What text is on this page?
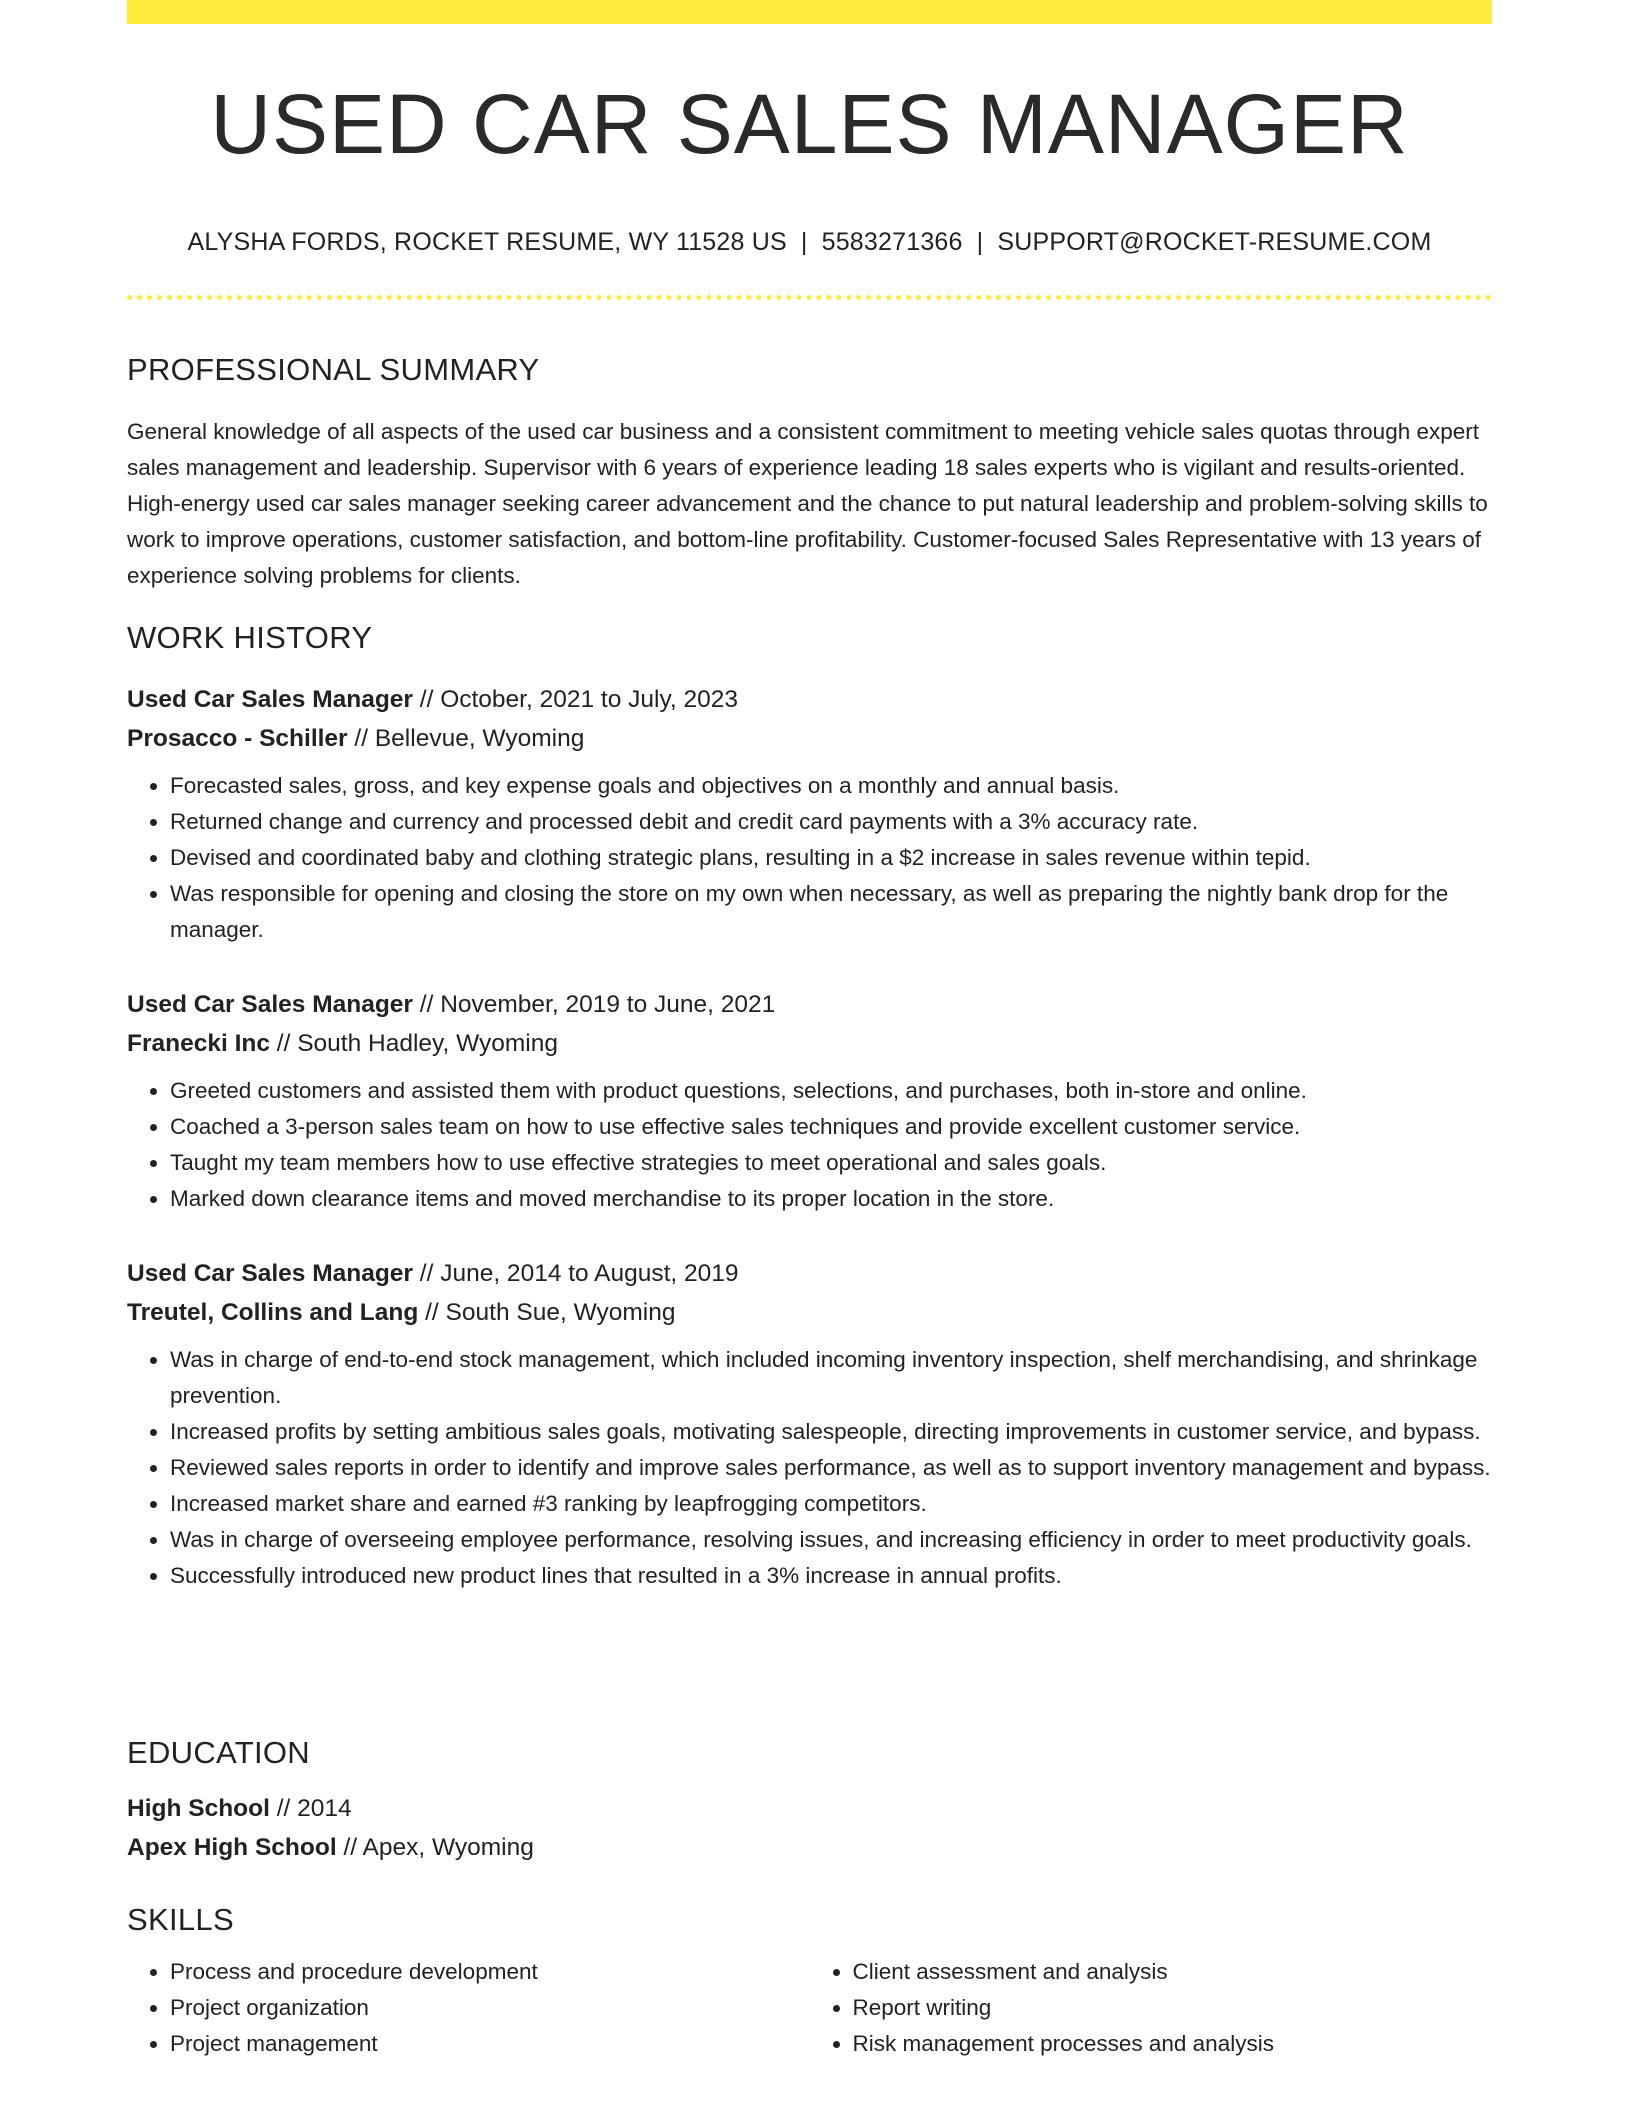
USED CAR SALES MANAGER
ALYSHA FORDS, ROCKET RESUME, WY 11528 US | 5583271366 | SUPPORT@ROCKET-RESUME.COM
PROFESSIONAL SUMMARY

General knowledge of all aspects of the used car business and a consistent commitment to meeting vehicle sales quotas through expert sales management and leadership. Supervisor with 6 years of experience leading 18 sales experts who is vigilant and results-oriented. High-energy used car sales manager seeking career advancement and the chance to put natural leadership and problem-solving skills to work to improve operations, customer satisfaction, and bottom-line profitability. Customer-focused Sales Representative with 13 years of experience solving problems for clients.

WORK HISTORY
Used Car Sales Manager // October, 2021 to July, 2023
Prosacco - Schiller // Bellevue, Wyoming
• Forecasted sales, gross, and key expense goals and objectives on a monthly and annual basis.
• Returned change and currency and processed debit and credit card payments with a 3% accuracy rate.
• Devised and coordinated baby and clothing strategic plans, resulting in a $2 increase in sales revenue within tepid.
• Was responsible for opening and closing the store on my own when necessary, as well as preparing the nightly bank drop for the manager.
Used Car Sales Manager // November, 2019 to June, 2021
Franecki Inc // South Hadley, Wyoming
• Greeted customers and assisted them with product questions, selections, and purchases, both in-store and online.
• Coached a 3-person sales team on how to use effective sales techniques and provide excellent customer service.
• Taught my team members how to use effective strategies to meet operational and sales goals.
• Marked down clearance items and moved merchandise to its proper location in the store.
Used Car Sales Manager // June, 2014 to August, 2019
Treutel, Collins and Lang // South Sue, Wyoming
• Was in charge of end-to-end stock management, which included incoming inventory inspection, shelf merchandising, and shrinkage prevention.
• Increased profits by setting ambitious sales goals, motivating salespeople, directing improvements in customer service, and bypass.
• Reviewed sales reports in order to identify and improve sales performance, as well as to support inventory management and bypass.
• Increased market share and earned #3 ranking by leapfrogging competitors.
• Was in charge of overseeing employee performance, resolving issues, and increasing efficiency in order to meet productivity goals.
• Successfully introduced new product lines that resulted in a 3% increase in annual profits.
EDUCATION
High School // 2014
Apex High School // Apex, Wyoming
SKILLS
• Process and procedure development
• Project organization
• Project management
• Client assessment and analysis
• Report writing
• Risk management processes and analysis
